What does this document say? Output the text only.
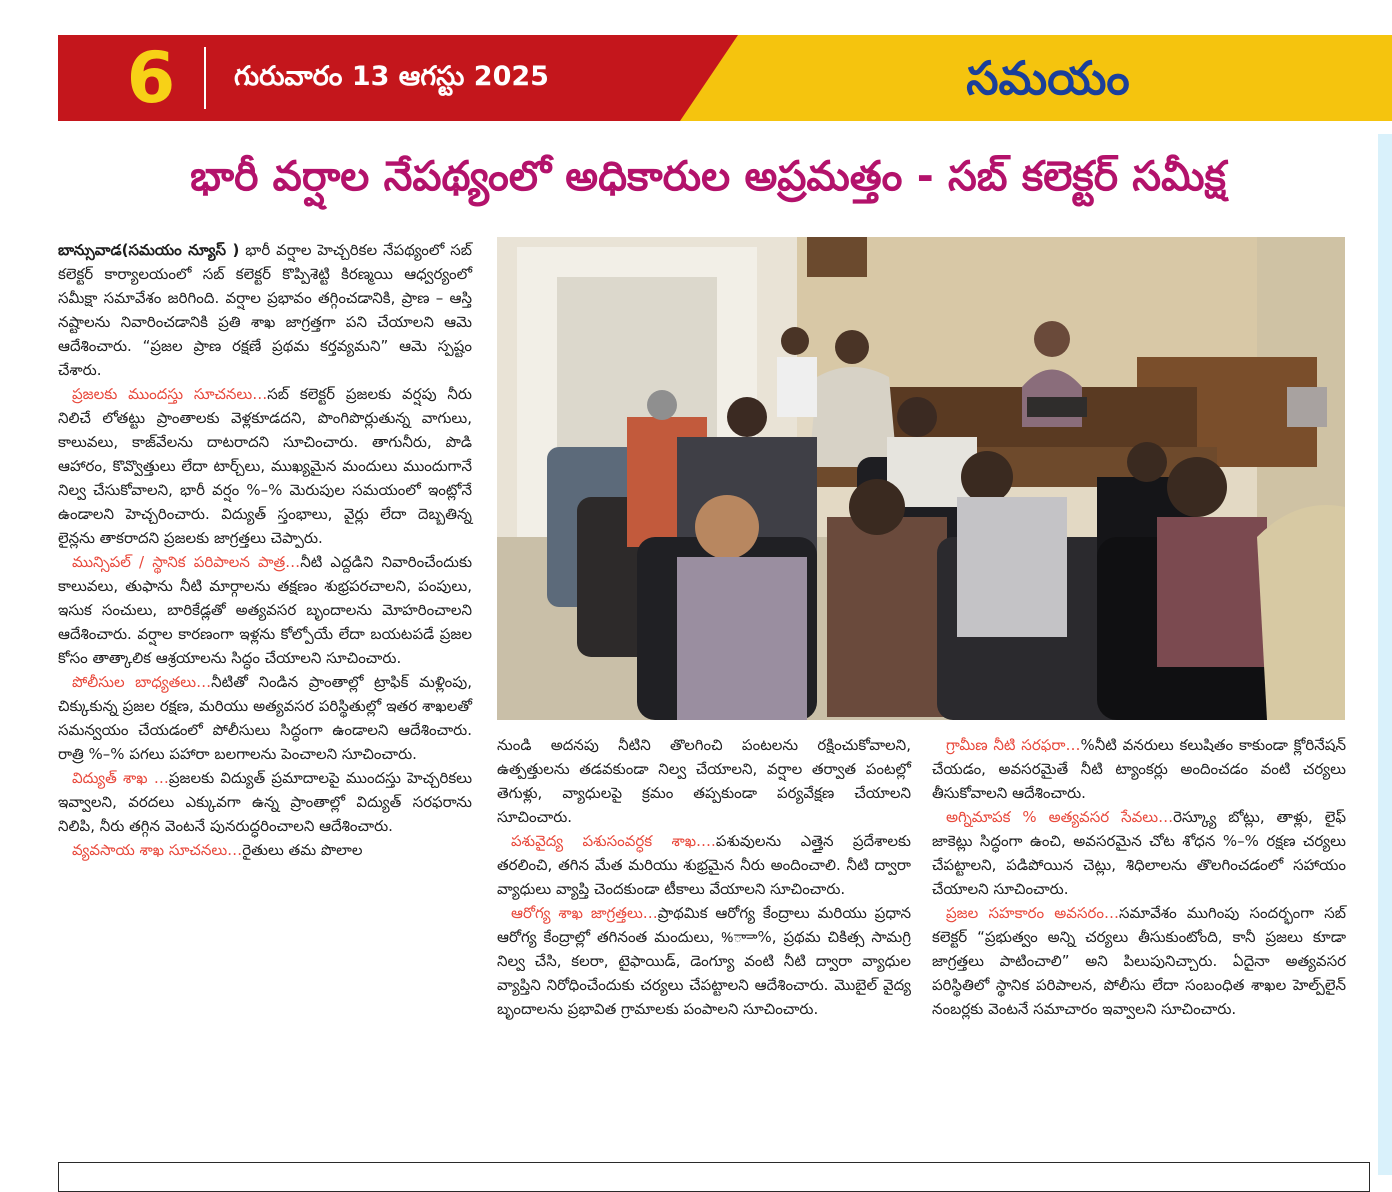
6	గురువారం 13 ఆగస్టు 2025	సమయం
భారీ వర్షాల నేపథ్యంలో అధికారుల అప్రమత్తం - సబ్ కలెక్టర్ సమీక్ష

బాన్సువాడ(సమయం న్యూస్ ) భారీ వర్షాల హెచ్చరికల నేపథ్యంలో సబ్ కలెక్టర్ కార్యాలయంలో సబ్ కలెక్టర్ కొప్పిశెట్టి కిరణ్మయి ఆధ్వర్యంలో సమీక్షా సమావేశం జరిగింది. వర్షాల ప్రభావం తగ్గించడానికి, ప్రాణ – ఆస్తి నష్టాలను నివారించడానికి ప్రతి శాఖ జాగ్రత్తగా పని చేయాలని ఆమె ఆదేశించారు. “ప్రజల ప్రాణ రక్షణే ప్రథమ కర్తవ్యమని” ఆమె స్పష్టం చేశారు.

ప్రజలకు ముందస్తు సూచనలు…సబ్ కలెక్టర్ ప్రజలకు వర్షపు నీరు నిలిచే లోతట్టు ప్రాంతాలకు వెళ్లకూడదని, పొంగిపొర్లుతున్న వాగులు, కాలువలు, కాజ్‌వేలను దాటరాదని సూచించారు. తాగునీరు, పొడి ఆహారం, కొవ్వొత్తులు లేదా టార్చ్‌లు, ముఖ్యమైన మందులు ముందుగానే నిల్వ చేసుకోవాలని, భారీ వర్షం %–% మెరుపుల సమయంలో ఇంట్లోనే ఉండాలని హెచ్చరించారు. విద్యుత్ స్తంభాలు, వైర్లు లేదా దెబ్బతిన్న లైన్లను తాకరాదని ప్రజలకు జాగ్రత్తలు చెప్పారు.

మున్సిపల్ / స్థానిక పరిపాలన పాత్ర…నీటి ఎద్దడిని నివారించేందుకు కాలువలు, తుఫాను నీటి మార్గాలను తక్షణం శుభ్రపరచాలని, పంపులు, ఇసుక సంచులు, బారికేడ్లతో అత్యవసర బృందాలను మోహరించాలని ఆదేశించారు. వర్షాల కారణంగా ఇళ్లను కోల్పోయే లేదా బయటపడే ప్రజల కోసం తాత్కాలిక ఆశ్రయాలను సిద్ధం చేయాలని సూచించారు.

పోలీసుల బాధ్యతలు…నీటితో నిండిన ప్రాంతాల్లో ట్రాఫిక్ మళ్లింపు, చిక్కుకున్న ప్రజల రక్షణ, మరియు అత్యవసర పరిస్థితుల్లో ఇతర శాఖలతో సమన్వయం చేయడంలో పోలీసులు సిద్ధంగా ఉండాలని ఆదేశించారు. రాత్రి %–% పగలు పహారా బలగాలను పెంచాలని సూచించారు.

విద్యుత్ శాఖ …ప్రజలకు విద్యుత్ ప్రమాదాలపై ముందస్తు హెచ్చరికలు ఇవ్వాలని, వరదలు ఎక్కువగా ఉన్న ప్రాంతాల్లో విద్యుత్ సరఫరాను నిలిపి, నీరు తగ్గిన వెంటనే పునరుద్ధరించాలని ఆదేశించారు.

వ్యవసాయ శాఖ సూచనలు…రైతులు తమ పొలాల

నుండి అదనపు నీటిని తొలగించి పంటలను రక్షించుకోవాలని, ఉత్పత్తులను తడవకుండా నిల్వ చేయాలని, వర్షాల తర్వాత పంటల్లో తెగుళ్లు, వ్యాధులపై క్రమం తప్పకుండా పర్యవేక్షణ చేయాలని సూచించారు.

పశువైద్య పశుసంవర్ధక శాఖ….పశువులను ఎత్తైన ప్రదేశాలకు తరలించి, తగిన మేత మరియు శుభ్రమైన నీరు అందించాలి. నీటి ద్వారా వ్యాధులు వ్యాప్తి చెందకుండా టీకాలు వేయాలని సూచించారు.

ఆరోగ్య శాఖ జాగ్రత్తలు…ప్రాథమిక ఆరోగ్య కేంద్రాలు మరియు ప్రధాన ఆరోగ్య కేంద్రాల్లో తగినంత మందులు, %ా–ా%, ప్రథమ చికిత్స సామగ్రి నిల్వ చేసి, కలరా, టైఫాయిడ్, డెంగ్యూ వంటి నీటి ద్వారా వ్యాధుల వ్యాప్తిని నిరోధించేందుకు చర్యలు చేపట్టాలని ఆదేశించారు. మొబైల్ వైద్య బృందాలను ప్రభావిత గ్రామాలకు పంపాలని సూచించారు.

గ్రామీణ నీటి సరఫరా…%నీటి వనరులు కలుషితం కాకుండా క్లోరినేషన్ చేయడం, అవసరమైతే నీటి ట్యాంకర్లు అందించడం వంటి చర్యలు తీసుకోవాలని ఆదేశించారు.

అగ్నిమాపక % అత్యవసర సేవలు…రెస్క్యూ బోట్లు, తాళ్లు, లైఫ్ జాకెట్లు సిద్ధంగా ఉంచి, అవసరమైన చోట శోధన %–% రక్షణ చర్యలు చేపట్టాలని, పడిపోయిన చెట్లు, శిధిలాలను తొలగించడంలో సహాయం చేయాలని సూచించారు.

ప్రజల సహకారం అవసరం…సమావేశం ముగింపు సందర్భంగా సబ్ కలెక్టర్ “ప్రభుత్వం అన్ని చర్యలు తీసుకుంటోంది, కానీ ప్రజలు కూడా జాగ్రత్తలు పాటించాలి” అని పిలుపునిచ్చారు. ఏదైనా అత్యవసర పరిస్థితిలో స్థానిక పరిపాలన, పోలీసు లేదా సంబంధిత శాఖల హెల్ప్‌లైన్ నంబర్లకు వెంటనే సమాచారం ఇవ్వాలని సూచించారు.
